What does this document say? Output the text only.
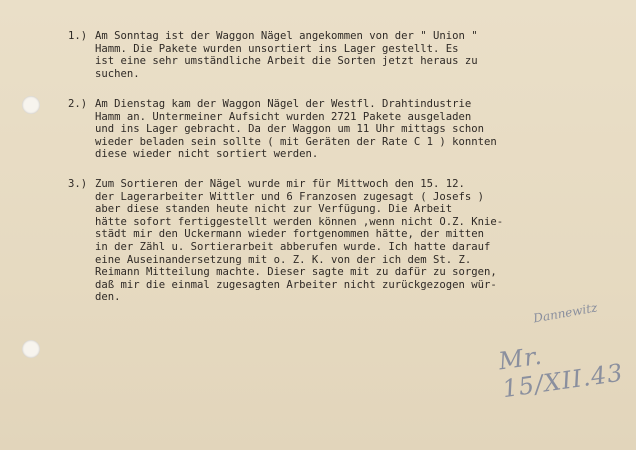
1.) Am Sonntag ist der Waggon Nägel angekommen von der " Union "
Hamm. Die Pakete wurden unsortiert ins Lager gestellt. Es
ist eine sehr umständliche Arbeit die Sorten jetzt heraus zu
suchen.
2.) Am Dienstag kam der Waggon Nägel der Westfl. Drahtindustrie
Hamm an. Untermeiner Aufsicht wurden 2721 Pakete ausgeladen
und ins Lager gebracht. Da der Waggon um 11 Uhr mittags schon
wieder beladen sein sollte ( mit Geräten der Rate C 1 ) konnten
diese wieder nicht sortiert werden.
3.) Zum Sortieren der Nägel wurde mir für Mittwoch den 15. 12.
der Lagerarbeiter Wittler und 6 Franzosen zugesagt ( Josefs )
aber diese standen heute nicht zur Verfügung. Die Arbeit
hätte sofort fertiggestellt werden können ,wenn nicht O.Z. Knie-
städt mir den Uckermann wieder fortgenommen hätte, der mitten
in der Zähl u. Sortierarbeit abberufen wurde. Ich hatte darauf
eine Auseinandersetzung mit o. Z. K. von der ich dem St. Z.
Reimann Mitteilung machte. Dieser sagte mit zu dafür zu sorgen,
daß mir die einmal zugesagten Arbeiter nicht zurückgezogen wür-
den.
Dannewitz
Mr. 15/XII.43
